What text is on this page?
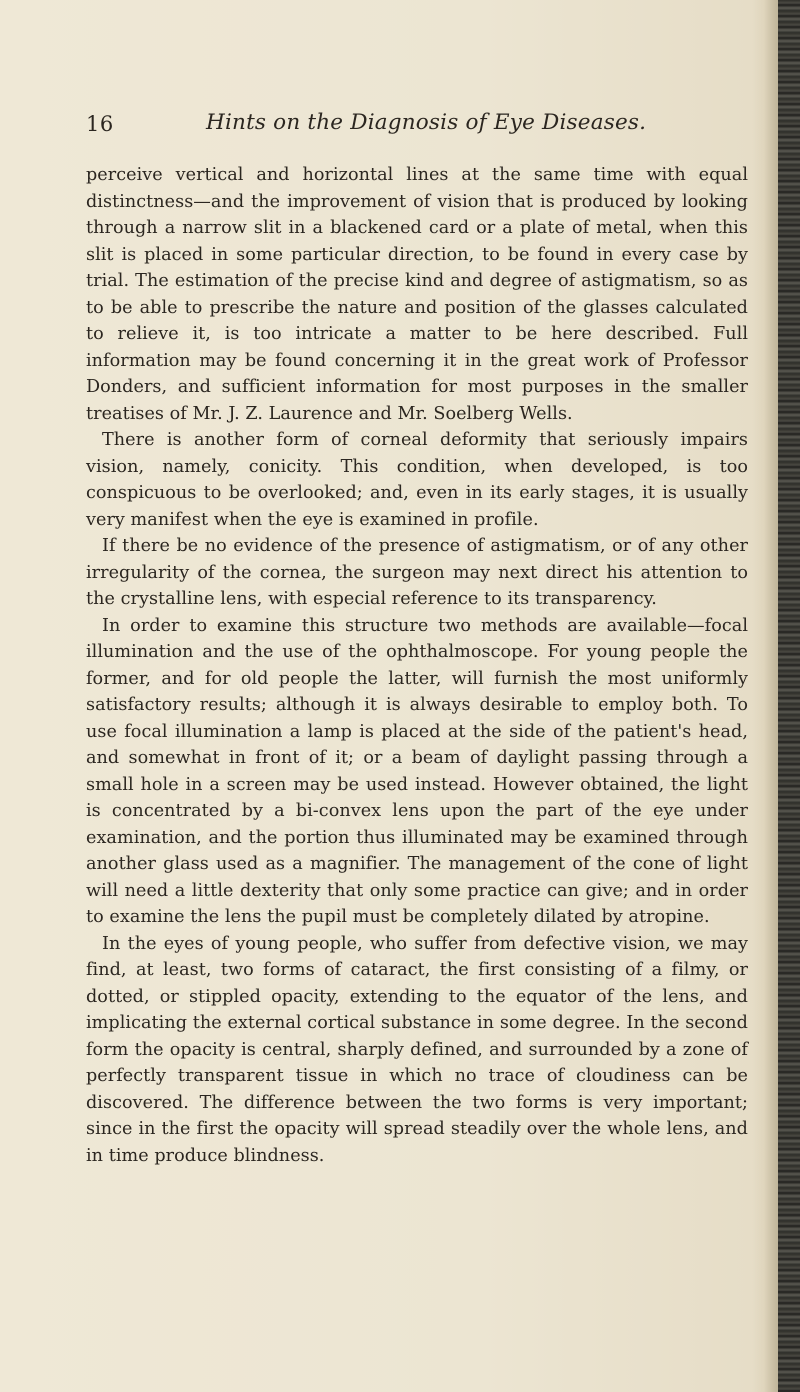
16	Hints on the Diagnosis of Eye Diseases.

perceive vertical and horizontal lines at the same time with equal distinctness—and the improvement of vision that is produced by looking through a narrow slit in a blackened card or a plate of metal, when this slit is placed in some particular direction, to be found in every case by trial. The estimation of the precise kind and degree of astigmatism, so as to be able to prescribe the nature and position of the glasses calculated to relieve it, is too intricate a matter to be here described. Full information may be found concerning it in the great work of Professor Donders, and sufficient information for most purposes in the smaller treatises of Mr. J. Z. Laurence and Mr. Soelberg Wells.

There is another form of corneal deformity that seriously impairs vision, namely, conicity. This condition, when developed, is too conspicuous to be overlooked; and, even in its early stages, it is usually very manifest when the eye is examined in profile.

If there be no evidence of the presence of astigmatism, or of any other irregularity of the cornea, the surgeon may next direct his attention to the crystalline lens, with especial reference to its transparency.

In order to examine this structure two methods are available—focal illumination and the use of the ophthalmoscope. For young people the former, and for old people the latter, will furnish the most uniformly satisfactory results; although it is always desirable to employ both. To use focal illumination a lamp is placed at the side of the patient's head, and somewhat in front of it; or a beam of daylight passing through a small hole in a screen may be used instead. However obtained, the light is concentrated by a bi-convex lens upon the part of the eye under examination, and the portion thus illuminated may be examined through another glass used as a magnifier. The management of the cone of light will need a little dexterity that only some practice can give; and in order to examine the lens the pupil must be completely dilated by atropine.

In the eyes of young people, who suffer from defective vision, we may find, at least, two forms of cataract, the first consisting of a filmy, or dotted, or stippled opacity, extending to the equator of the lens, and implicating the external cortical substance in some degree. In the second form the opacity is central, sharply defined, and surrounded by a zone of perfectly transparent tissue in which no trace of cloudiness can be discovered. The difference between the two forms is very important; since in the first the opacity will spread steadily over the whole lens, and in time produce blindness.
